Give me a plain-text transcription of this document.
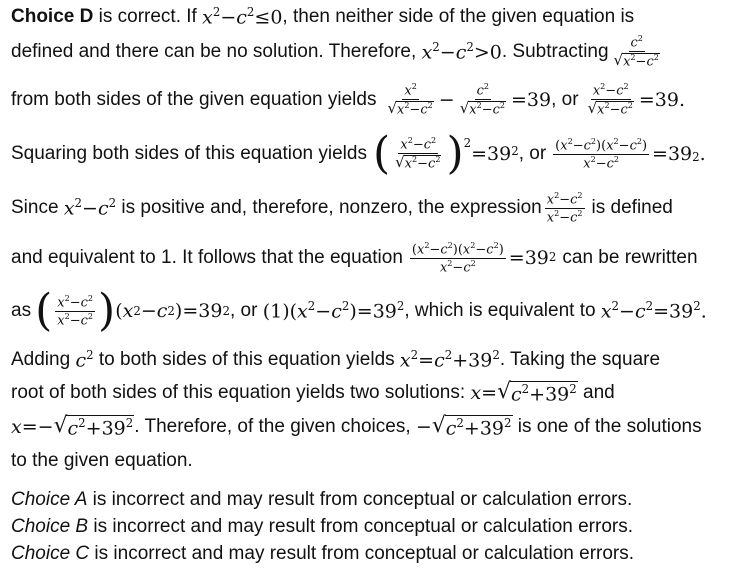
Choice D is correct. If $x^2-c^2\le 0$ , then neither side of the given equation is
defined and there can be no solution. Therefore, $x^2-c^2>0$ . Subtracting $\frac{c^2}{√ x^2-c^2}$
from both sides of the given equation yields $\frac{x^2}{√ x^2-c^2} - \frac{c^2}{√ x^2-c^2} = 39$ , or $\frac{x^2-c^2}{√ x^2-c^2} = 39$ .
Squaring both sides of this equation yields ( $\frac{x^2-c^2}{√ x^2-c^2} )^2 = 39$ 2 , or $\frac{(x^2-c^2)(x^2-c^2)}{x^2-c^2} = 39$ 2 .
Since $x^2-c^2$ is positive and, therefore, nonzero, the expression $\frac{x^2-c^2}{x^2-c^2}$ is defined
and equivalent to 1. It follows that the equation $\frac{(x^2-c^2)(x^2-c^2)}{x^2-c^2} = 39$ 2 can be rewritten
as ( $\frac{x^2-c^2}{x^2-c^2}$ ) ( x 2 − c 2 ) = 39 2 , or $(1)(x^2-c^2)=39^2$ , which is equivalent to $x^2-c^2=39^2$.
Adding $c^2$ to both sides of this equation yields $x^2=c^2+39^2$ . Taking the square
root of both sides of this equation yields two solutions: x = √ $c^2+39^2$ and
x = − √ $c^2+39^2$ . Therefore, of the given choices, − √ $c^2+39^2$ is one of the solutions
to the given equation.
Choice A is incorrect and may result from conceptual or calculation errors.
Choice B is incorrect and may result from conceptual or calculation errors.
Choice C is incorrect and may result from conceptual or calculation errors.
